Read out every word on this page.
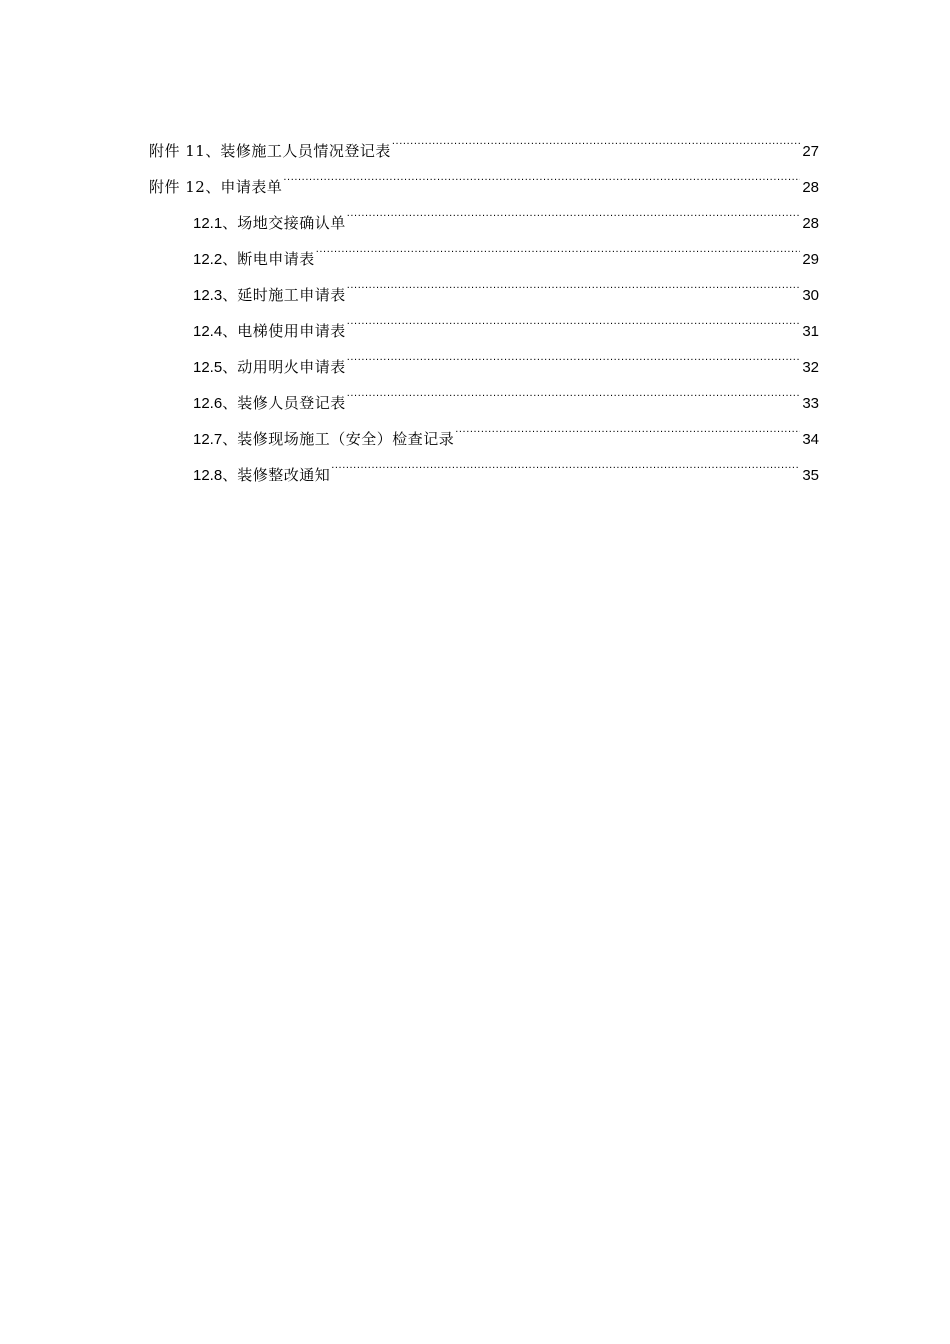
附件 11 、 装修施工人员情况登记表 .....	27
附件 12 、 申请表单 .....	28
12.1 、 场地交接确认单 .....	28
12.2 、 断电申请表 .....	29
12.3 、 延时施工申请表 .....	30
12.4 、 电梯使用申请表 .....	31
12.5 、 动用明火申请表 .....	32
12.6 、 装修人员登记表 .....	33
12.7 、 装修现场施工（安全）检查记录 .....	34
12.8 、 装修整改通知 .....	35
